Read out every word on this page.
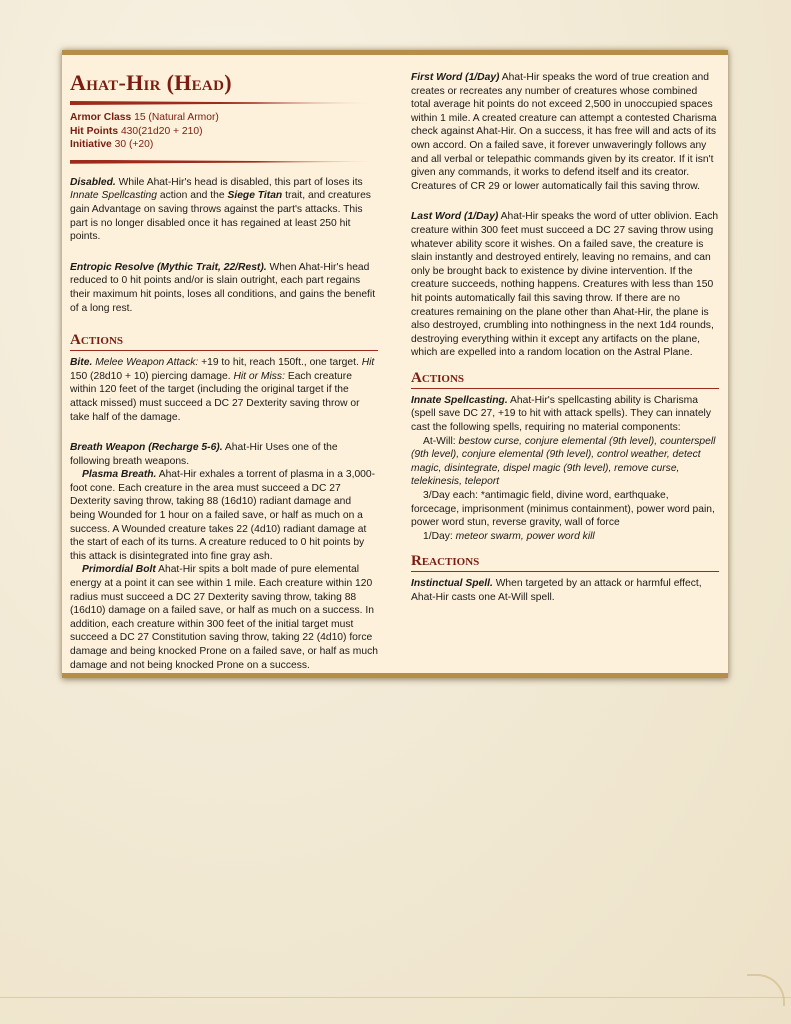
Ahat-Hir (Head)

Armor Class 15 (Natural Armor)

Hit Points 430(21d20 + 210)

Initiative 30 (+20)

Disabled. While Ahat-Hir's head is disabled, this part of loses its Innate Spellcasting action and the Siege Titan trait, and creatures gain Advantage on saving throws against the part's attacks. This part is no longer disabled once it has regained at least 250 hit points.

Entropic Resolve (Mythic Trait, 22/Rest). When Ahat-Hir's head reduced to 0 hit points and/or is slain outright, each part regains their maximum hit points, loses all conditions, and gains the benefit of a long rest.

Actions

Bite. Melee Weapon Attack: +19 to hit, reach 150ft., one target. Hit 150 (28d10 + 10) piercing damage. Hit or Miss: Each creature within 120 feet of the target (including the original target if the attack missed) must succeed a DC 27 Dexterity saving throw or take half of the damage.

Breath Weapon (Recharge 5-6). Ahat-Hir Uses one of the following breath weapons.

Plasma Breath. Ahat-Hir exhales a torrent of plasma in a 3,000-foot cone. Each creature in the area must succeed a DC 27 Dexterity saving throw, taking 88 (16d10) radiant damage and being Wounded for 1 hour on a failed save, or half as much on a success. A Wounded creature takes 22 (4d10) radiant damage at the start of each of its turns. A creature reduced to 0 hit points by this attack is disintegrated into fine gray ash.

Primordial Bolt Ahat-Hir spits a bolt made of pure elemental energy at a point it can see within 1 mile. Each creature within 120 radius must succeed a DC 27 Dexterity saving throw, taking 88 (16d10) damage on a failed save, or half as much on a success. In addition, each creature within 300 feet of the initial target must succeed a DC 27 Constitution saving throw, taking 22 (4d10) force damage and being knocked Prone on a failed save, or half as much damage and not being knocked Prone on a success.

First Word (1/Day) Ahat-Hir speaks the word of true creation and creates or recreates any number of creatures whose combined total average hit points do not exceed 2,500 in unoccupied spaces within 1 mile. A created creature can attempt a contested Charisma check against Ahat-Hir. On a success, it has free will and acts of its own accord. On a failed save, it forever unwaveringly follows any and all verbal or telepathic commands given by its creator. If it isn't given any commands, it works to defend itself and its creator. Creatures of CR 29 or lower automatically fail this saving throw.

Last Word (1/Day) Ahat-Hir speaks the word of utter oblivion. Each creature within 300 feet must succeed a DC 27 saving throw using whatever ability score it wishes. On a failed save, the creature is slain instantly and destroyed entirely, leaving no remains, and can only be brought back to existence by divine intervention. If the creature succeeds, nothing happens. Creatures with less than 150 hit points automatically fail this saving throw. If there are no creatures remaining on the plane other than Ahat-Hir, the plane is also destroyed, crumbling into nothingness in the next 1d4 rounds, destroying everything within it except any artifacts on the plane, which are expelled into a random location on the Astral Plane.

Actions

Innate Spellcasting. Ahat-Hir's spellcasting ability is Charisma (spell save DC 27, +19 to hit with attack spells). They can innately cast the following spells, requiring no material components:

At-Will: bestow curse, conjure elemental (9th level), counterspell (9th level), conjure elemental (9th level), control weather, detect magic, disintegrate, dispel magic (9th level), remove curse, telekinesis, teleport

3/Day each: *antimagic field, divine word, earthquake, forcecage, imprisonment (minimus containment), power word pain, power word stun, reverse gravity, wall of force

1/Day: meteor swarm, power word kill

Reactions

Instinctual Spell. When targeted by an attack or harmful effect, Ahat-Hir casts one At-Will spell.
